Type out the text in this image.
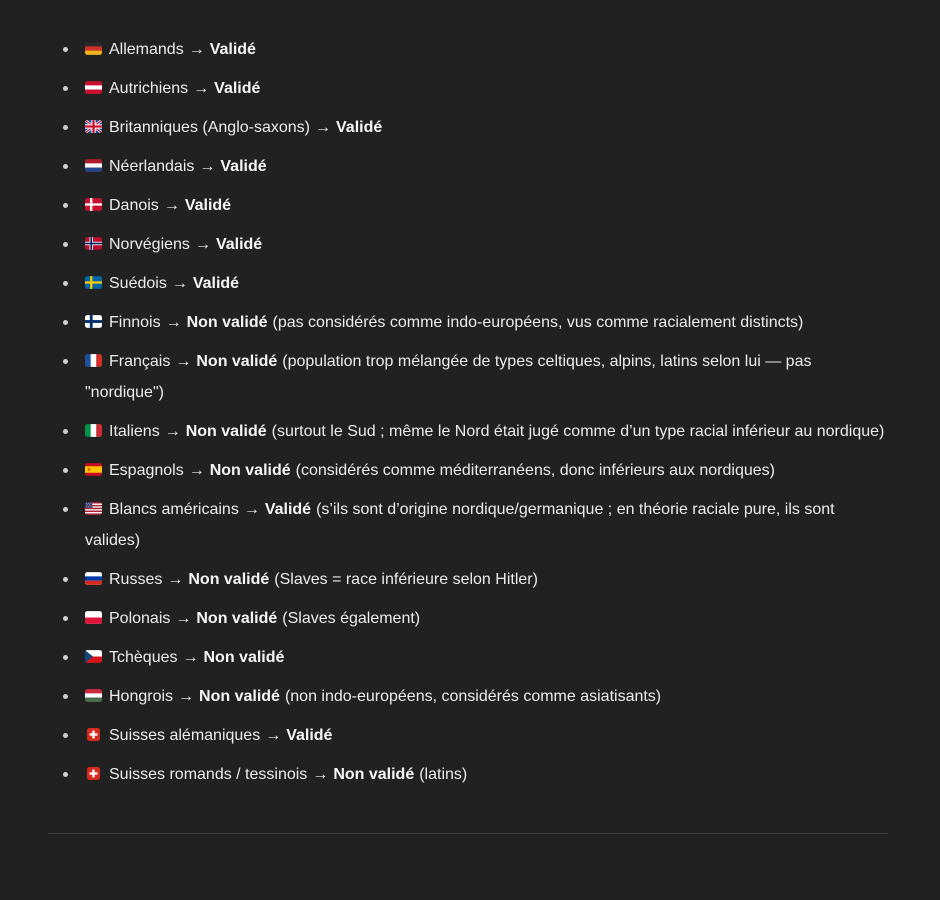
Allemands → Validé
Autrichiens → Validé
Britanniques (Anglo-saxons) → Validé
Néerlandais → Validé
Danois → Validé
Norvégiens → Validé
Suédois → Validé
Finnois → Non validé (pas considérés comme indo-européens, vus comme racialement distincts)
Français → Non validé (population trop mélangée de types celtiques, alpins, latins selon lui — pas "nordique")
Italiens → Non validé (surtout le Sud ; même le Nord était jugé comme d’un type racial inférieur au nordique)
Espagnols → Non validé (considérés comme méditerranéens, donc inférieurs aux nordiques)
Blancs américains → Validé (s’ils sont d’origine nordique/germanique ; en théorie raciale pure, ils sont valides)
Russes → Non validé (Slaves = race inférieure selon Hitler)
Polonais → Non validé (Slaves également)
Tchèques → Non validé
Hongrois → Non validé (non indo-européens, considérés comme asiatisants)
Suisses alémaniques → Validé
Suisses romands / tessinois → Non validé (latins)
